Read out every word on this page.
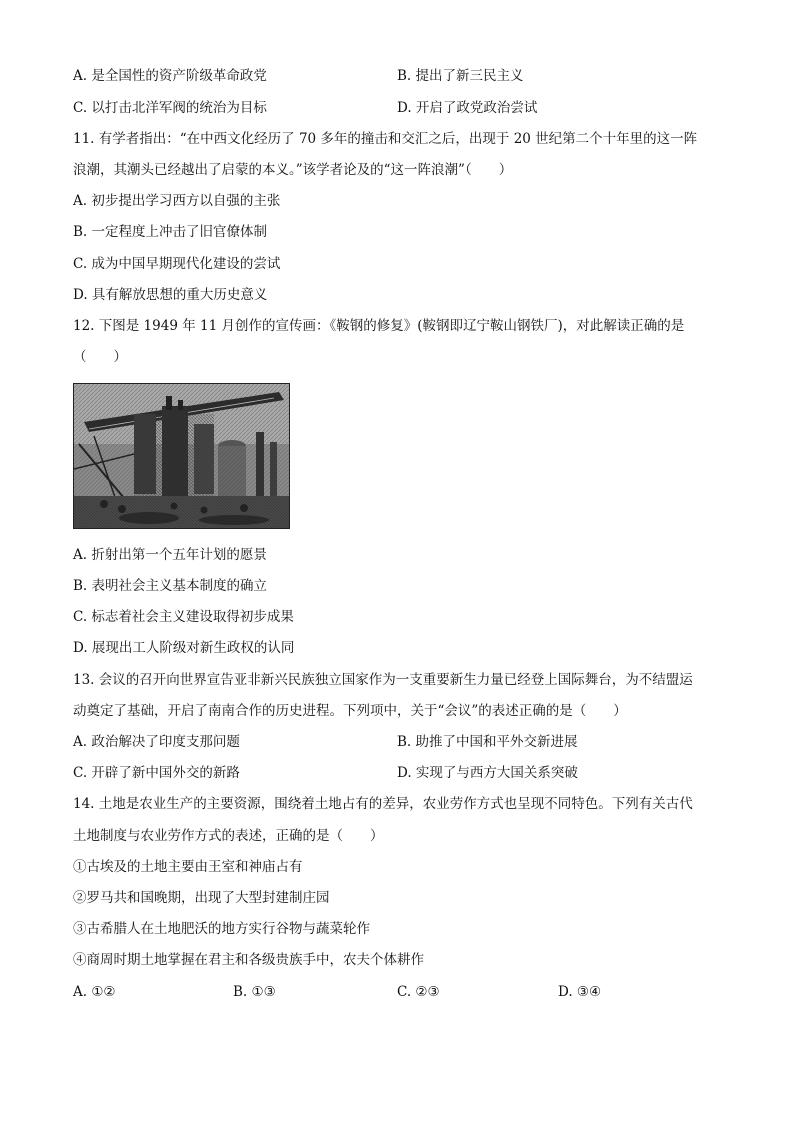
A. 是全国性的资产阶级革命政党	B. 提出了新三民主义
C. 以打击北洋军阀的统治为目标	D. 开启了政党政治尝试
11. 有学者指出：“在中西文化经历了 70 多年的撞击和交汇之后，出现于 20 世纪第二个十年里的这一阵
浪潮，其潮头已经越出了启蒙的本义。”该学者论及的“这一阵浪潮”（　　）
A. 初步提出学习西方以自强的主张
B. 一定程度上冲击了旧官僚体制
C. 成为中国早期现代化建设的尝试
D. 具有解放思想的重大历史意义
12. 下图是 1949 年 11 月创作的宣传画：《鞍钢的修复》(鞍钢即辽宁鞍山钢铁厂)，对此解读正确的是
（　　）
A. 折射出第一个五年计划的愿景
B. 表明社会主义基本制度的确立
C. 标志着社会主义建设取得初步成果
D. 展现出工人阶级对新生政权的认同
13. 会议的召开向世界宣告亚非新兴民族独立国家作为一支重要新生力量已经登上国际舞台，为不结盟运
动奠定了基础，开启了南南合作的历史进程。下列项中，关于“会议”的表述正确的是（　　）
A. 政治解决了印度支那问题	B. 助推了中国和平外交新进展
C. 开辟了新中国外交的新路	D. 实现了与西方大国关系突破
14. 土地是农业生产的主要资源，围绕着土地占有的差异，农业劳作方式也呈现不同特色。下列有关古代
土地制度与农业劳作方式的表述，正确的是（　　）
①古埃及的土地主要由王室和神庙占有
②罗马共和国晚期，出现了大型封建制庄园
③古希腊人在土地肥沃的地方实行谷物与蔬菜轮作
④商周时期土地掌握在君主和各级贵族手中，农夫个体耕作
A. ①②	B. ①③	C. ②③	D. ③④
